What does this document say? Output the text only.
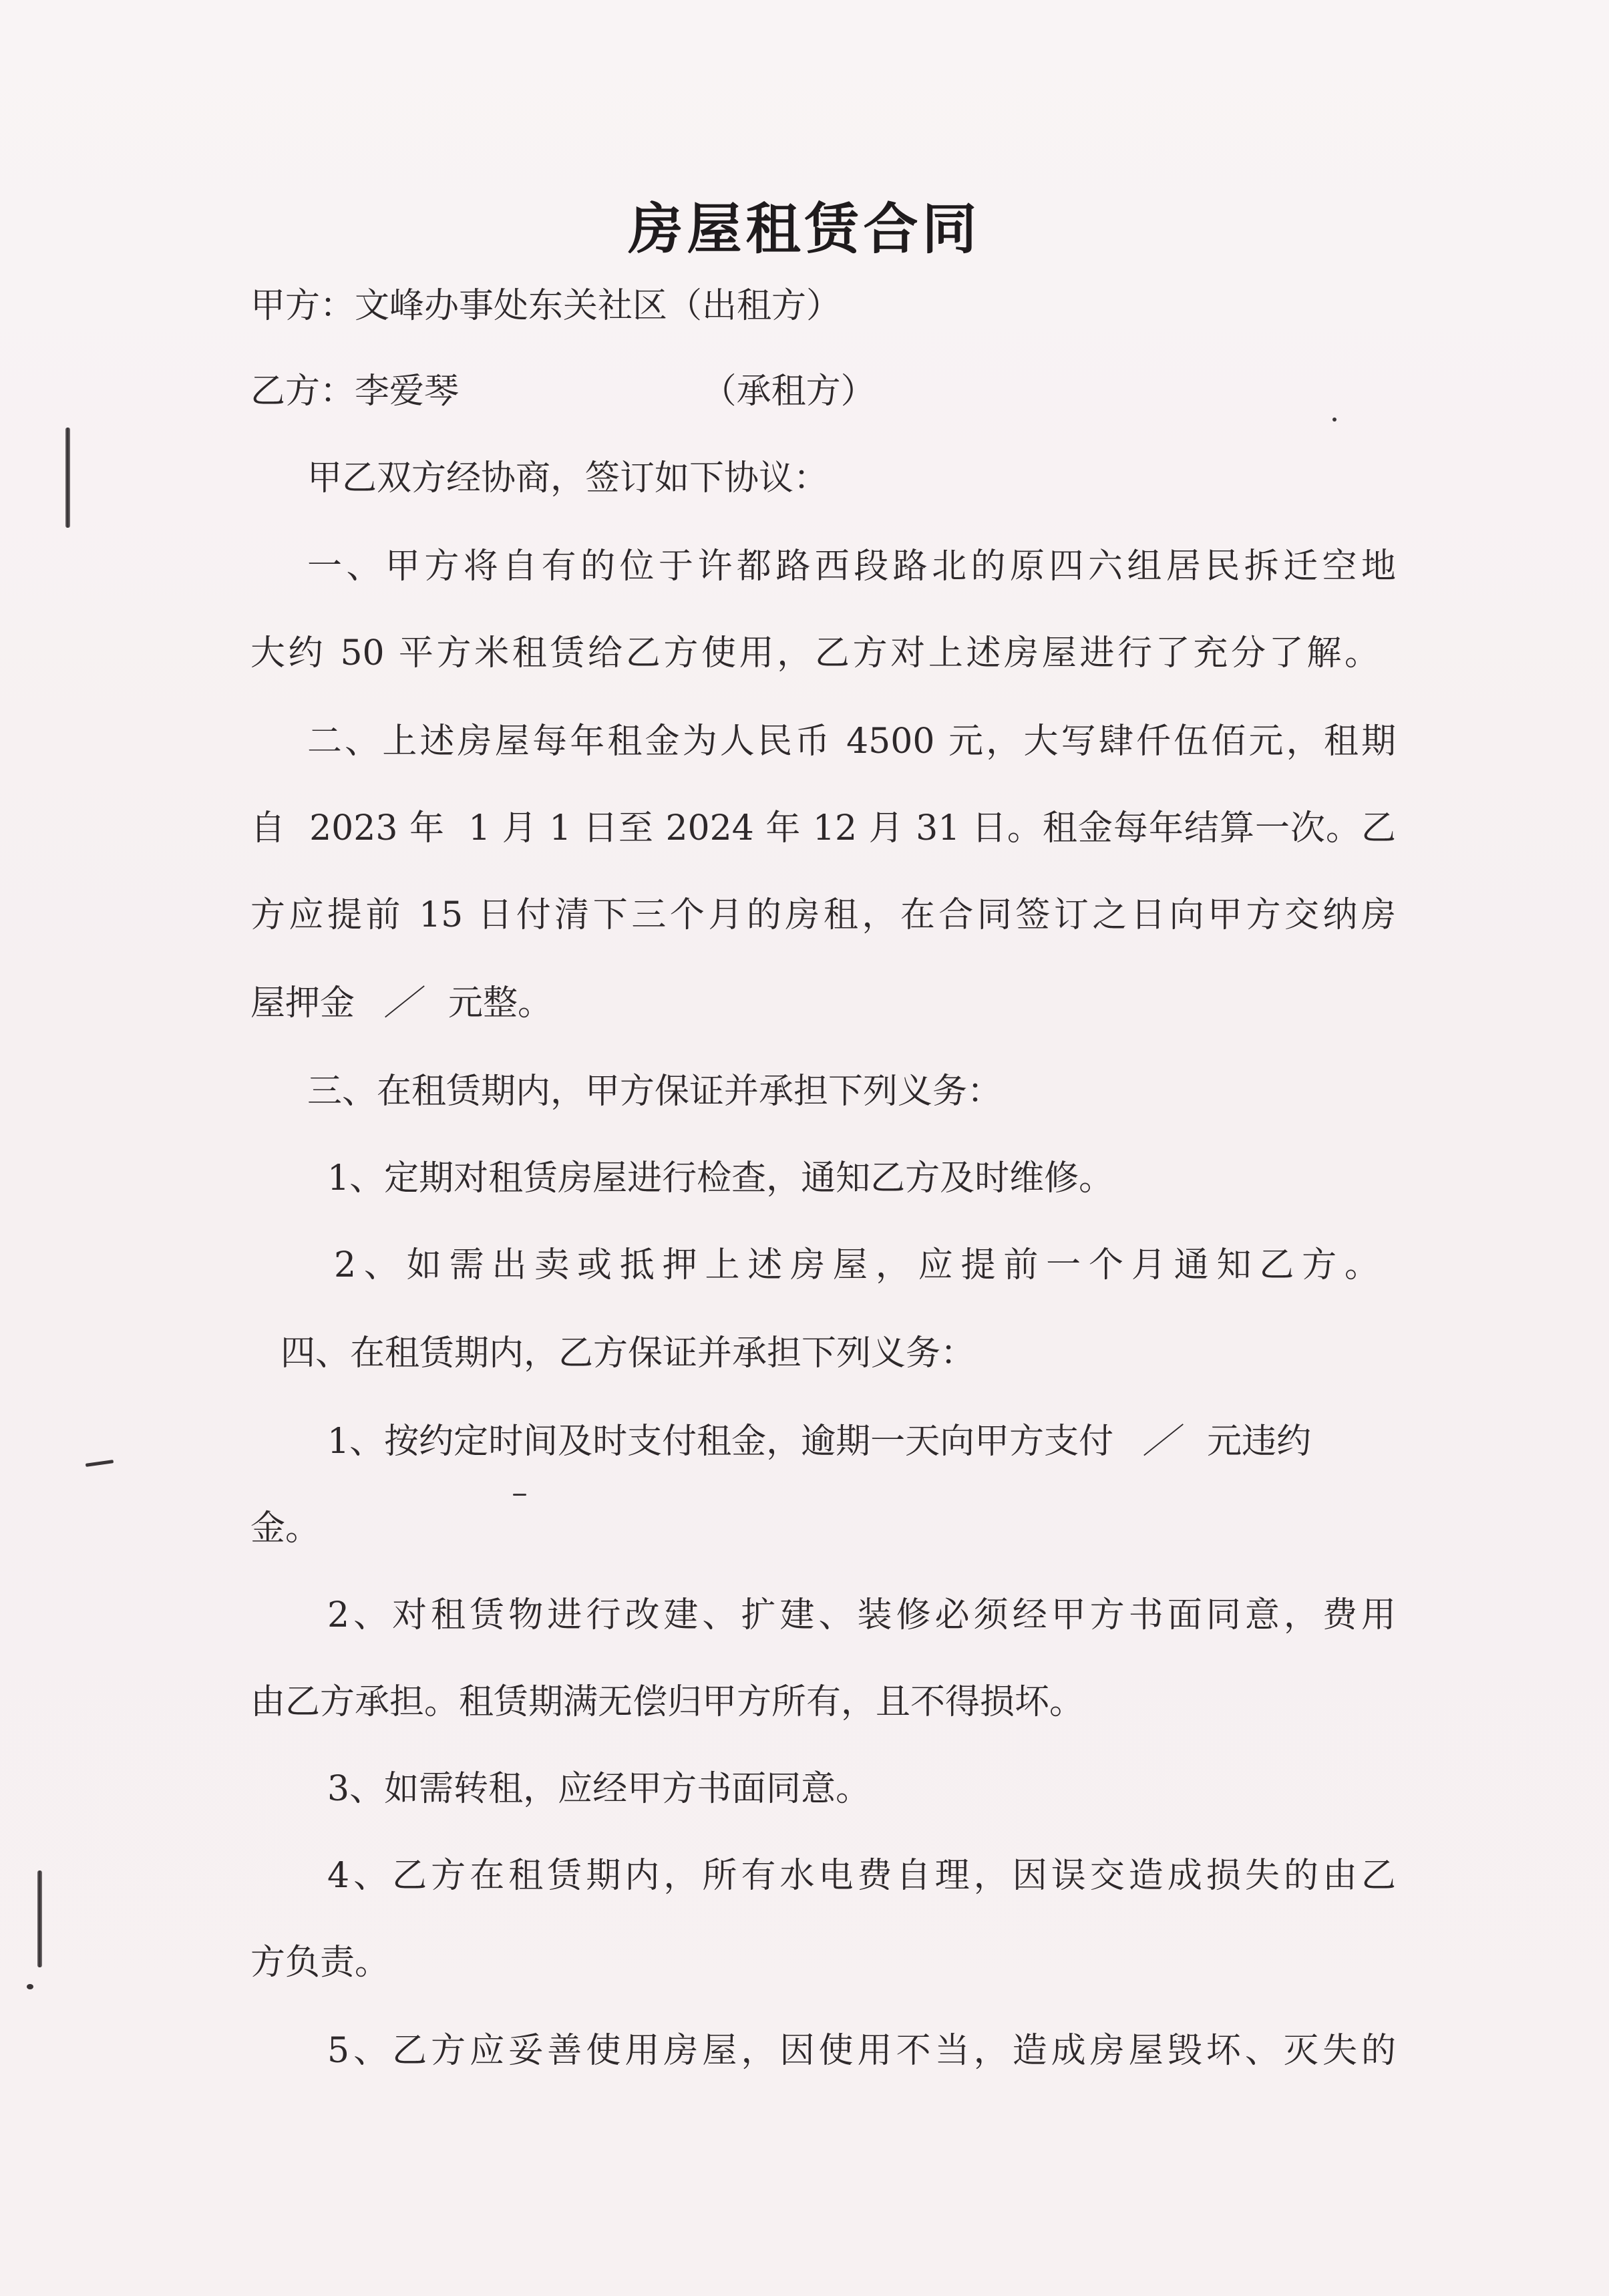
房屋租赁合同
甲方：文峰办事处东关社区（出租方）
乙方：李爱琴                      （承租方）
甲乙双方经协商，签订如下协议：
一、甲方将自有的位于许都路西段路北的原四六组居民拆迁空地
大约 50 平方米租赁给乙方使用，乙方对上述房屋进行了充分了解。
二、上述房屋每年租金为人民币 4500 元，大写肆仟伍佰元，租期
自  2023 年  1 月 1 日至 2024 年 12 月 31 日。租金每年结算一次。乙
方应提前 15 日付清下三个月的房租，在合同签订之日向甲方交纳房
屋押金 ／ 元整。
三、在租赁期内，甲方保证并承担下列义务：
1、定期对租赁房屋进行检查，通知乙方及时维修。
2、如需出卖或抵押上述房屋，应提前一个月通知乙方。
四、在租赁期内，乙方保证并承担下列义务：
1、按约定时间及时支付租金，逾期一天向甲方支付 ／ 元违约
金。
2、对租赁物进行改建、扩建、装修必须经甲方书面同意，费用
由乙方承担。租赁期满无偿归甲方所有，且不得损坏。
3、如需转租，应经甲方书面同意。
4、乙方在租赁期内，所有水电费自理，因误交造成损失的由乙
方负责。
5、乙方应妥善使用房屋，因使用不当，造成房屋毁坏、灭失的
